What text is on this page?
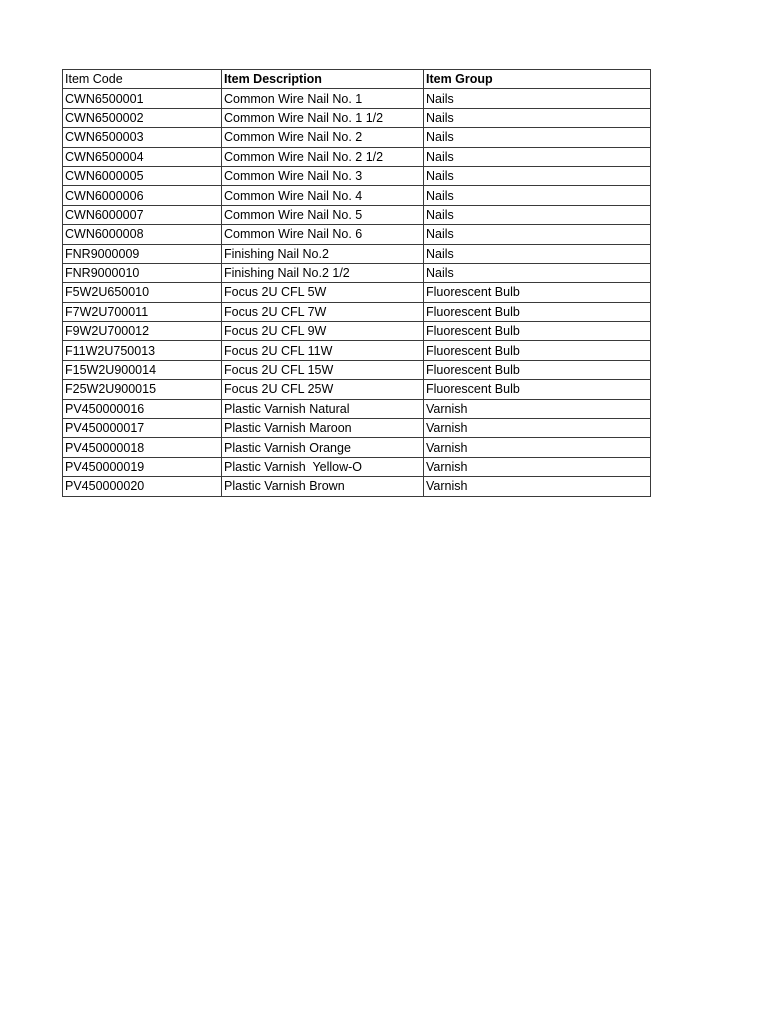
Item Code	Item Description	Item Group
CWN6500001	Common Wire Nail No. 1	Nails
CWN6500002	Common Wire Nail No. 1 1/2	Nails
CWN6500003	Common Wire Nail No. 2	Nails
CWN6500004	Common Wire Nail No. 2 1/2	Nails
CWN6000005	Common Wire Nail No. 3	Nails
CWN6000006	Common Wire Nail No. 4	Nails
CWN6000007	Common Wire Nail No. 5	Nails
CWN6000008	Common Wire Nail No. 6	Nails
FNR9000009	Finishing Nail No.2	Nails
FNR9000010	Finishing Nail No.2 1/2	Nails
F5W2U650010	Focus 2U CFL 5W	Fluorescent Bulb
F7W2U700011	Focus 2U CFL 7W	Fluorescent Bulb
F9W2U700012	Focus 2U CFL 9W	Fluorescent Bulb
F11W2U750013	Focus 2U CFL 11W	Fluorescent Bulb
F15W2U900014	Focus 2U CFL 15W	Fluorescent Bulb
F25W2U900015	Focus 2U CFL 25W	Fluorescent Bulb
PV450000016	Plastic Varnish Natural	Varnish
PV450000017	Plastic Varnish Maroon	Varnish
PV450000018	Plastic Varnish Orange	Varnish
PV450000019	Plastic Varnish  Yellow-O	Varnish
PV450000020	Plastic Varnish Brown	Varnish
